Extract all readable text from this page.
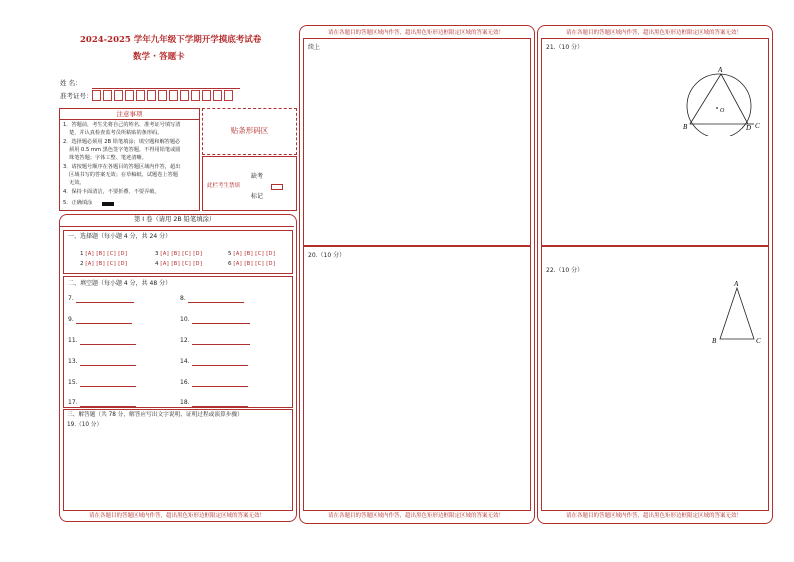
2024-2025 学年九年级下学期开学摸底考试卷
数学 · 答题卡
姓 名：
准考证号：
注意事项
1．答题前，考生先将自己的姓名、准考证号填写清
楚，并认真检查监考员所粘贴的条形码。
2．选择题必须用 2B 铅笔填涂；填空题和解答题必
须用 0.5 mm 黑色签字笔答题，不得用铅笔或圆
珠笔答题；字体工整、笔迹清晰。
3．请按题号顺序在各题目的答题区域内作答，超出
区域书写的答案无效；在草稿纸、试题卷上答题
无效。
4．保持卡面清洁，不要折叠、不要弄破。
5．正确填涂
贴条形码区
缺考
此栏考生禁填
标记
第 I 卷（请用 2B 铅笔填涂）
一、选择题（每小题 4 分，共 24 分）
1 [A] [B] [C] [D]
2 [A] [B] [C] [D]
3 [A] [B] [C] [D]
4 [A] [B] [C] [D]
5 [A] [B] [C] [D]
6 [A] [B] [C] [D]
二、填空题（每小题 4 分，共 48 分）
7.	8.
9.	10.
11.	12.
13.	14.
15.	16.
17.	18.
三、解答题（共 78 分，解答应写出文字说明、证明过程或演算步骤）
19.（10 分）
请在各题目的答题区域内作答，超出黑色矩形边框限定区域的答案无效！
请在各题目的答题区域内作答，超出黑色矩形边框限定区域的答案无效！
续上
20.（10 分）
请在各题目的答题区域内作答，超出黑色矩形边框限定区域的答案无效！
请在各题目的答题区域内作答，超出黑色矩形边框限定区域的答案无效！
21.（10 分）
A
B	D C
O
22.（10 分）
A
B	C
请在各题目的答题区域内作答，超出黑色矩形边框限定区域的答案无效！
